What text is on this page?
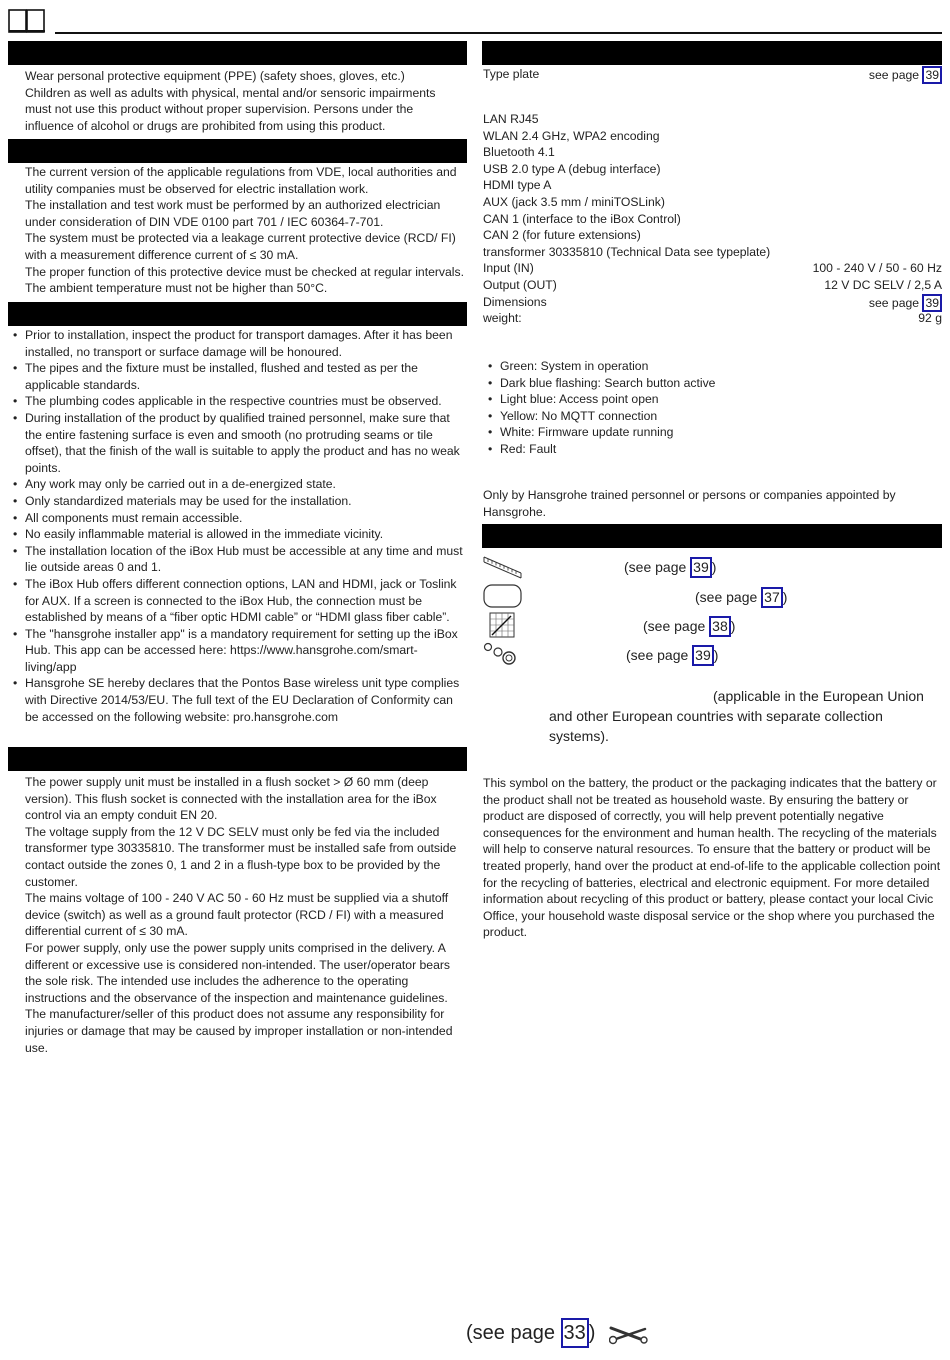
Wear personal protective equipment (PPE) (safety shoes, gloves, etc.)

Children as well as adults with physical, mental and/or sensoric impairments must not use this product without proper supervision. Persons under the influence of alcohol or drugs are prohibited from using this product.

The current version of the applicable regulations from VDE, local authorities and utility companies must be observed for electric installation work.

The installation and test work must be performed by an authorized electrician under consideration of DIN VDE 0100 part 701 / IEC 60364-7-701.

The system must be protected via a leakage current protective device (RCD/ FI) with a measurement difference current of ≤ 30 mA.

The proper function of this protective device must be checked at regular intervals.

The ambient temperature must not be higher than 50°C.

• Prior to installation, inspect the product for transport damages. After it has been installed, no transport or surface damage will be honoured.
• The pipes and the fixture must be installed, flushed and tested as per the applicable standards.
• The plumbing codes applicable in the respective countries must be observed.
• During installation of the product by qualified trained personnel, make sure that the entire fastening surface is even and smooth (no protruding seams or tile offset), that the finish of the wall is suitable to apply the product and has no weak points.
• Any work may only be carried out in a de-energized state.
• Only standardized materials may be used for the installation.
• All components must remain accessible.
• No easily inflammable material is allowed in the immediate vicinity.
• The installation location of the iBox Hub must be accessible at any time and must lie outside areas 0 and 1.
• The iBox Hub offers different connection options, LAN and HDMI, jack or Toslink for AUX. If a screen is connected to the iBox Hub, the connection must be established by means of a “fiber optic HDMI cable” or “HDMI glass fiber cable”.
• The "hansgrohe installer app" is a mandatory requirement for setting up the iBox Hub. This app can be accessed here: https://www.hansgrohe.com/smart-living/app
• Hansgrohe SE hereby declares that the Pontos Base wireless unit type complies with Directive 2014/53/EU. The full text of the EU Declaration of Conformity can be accessed on the following website: pro.hansgrohe.com

The power supply unit must be installed in a flush socket > Ø 60 mm (deep version). This flush socket is connected with the installation area for the iBox control via an empty conduit EN 20.

The voltage supply from the 12 V DC SELV must only be fed via the included transformer type 30335810. The transformer must be installed safe from outside contact outside the zones 0, 1 and 2 in a flush-type box to be provided by the customer.

The mains voltage of 100 - 240 V AC 50 - 60 Hz must be supplied via a shutoff device (switch) as well as a ground fault protector (RCD / FI) with a measured differential current of ≤ 30 mA.

For power supply, only use the power supply units comprised in the delivery. A different or excessive use is considered non-intended. The user/operator bears the sole risk. The intended use includes the adherence to the operating instructions and the observance of the inspection and maintenance guidelines. The manufacturer/seller of this product does not assume any responsibility for injuries or damage that may be caused by improper installation or non-intended use.

Type plate	see page 39
LAN RJ45
WLAN 2.4 GHz, WPA2 encoding
Bluetooth 4.1
USB 2.0 type A (debug interface)
HDMI type A
AUX (jack 3.5 mm / miniTOSLink)
CAN 1 (interface to the iBox Control)
CAN 2 (for future extensions)
transformer 30335810 (Technical Data see typeplate)
Input (IN)	100 - 240 V / 50 - 60 Hz
Output (OUT)	12 V DC SELV / 2,5 A
Dimensions	see page 39
weight:	92 g
• Green: System in operation
• Dark blue flashing: Search button active
• Light blue: Access point open
• Yellow: No MQTT connection
• White: Firmware update running
• Red: Fault
Only by Hansgrohe trained personnel or persons or companies appointed by Hansgrohe.
(see page 39 )
(see page 37 )
(see page 38 )
(see page 39 )
(applicable in the European Union
and other European countries with separate collection
systems).
This symbol on the battery, the product or the packaging indicates that the battery or the product shall not be treated as household waste. By ensuring the battery or product are disposed of correctly, you will help prevent potentially negative consequences for the environment and human health. The recycling of the materials will help to conserve natural resources. To ensure that the battery or product will be treated properly, hand over the product at end-of-life to the applicable collection point for the recycling of batteries, electrical and electronic equipment. For more detailed information about recycling of this product or battery, please contact your local Civic Office, your household waste disposal service or the shop where you purchased the product.
(see page 33 )
